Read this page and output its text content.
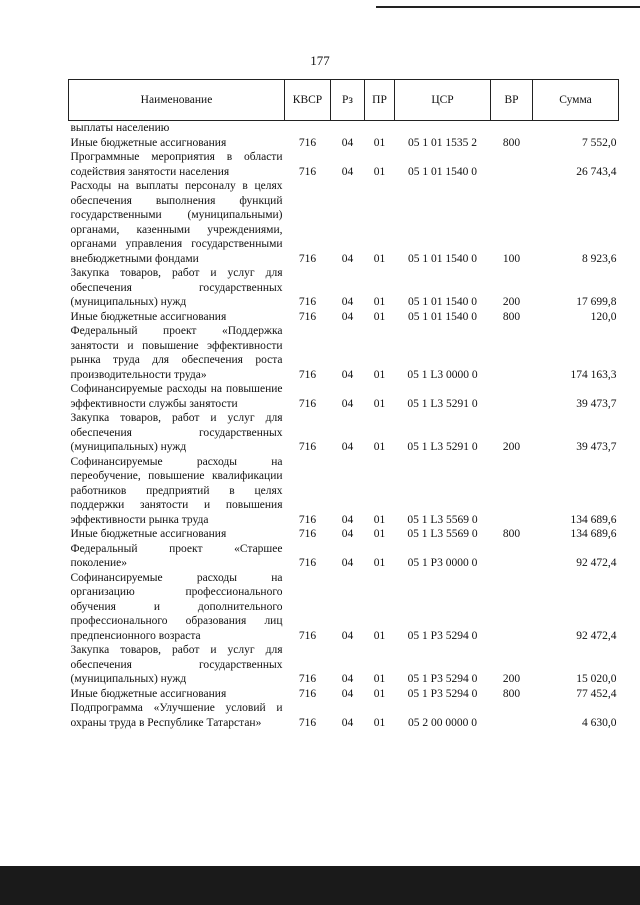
177
Наименование	КВСР	Рз	ПР	ЦСР	ВР	Сумма
выплаты населению						
Иные бюджетные ассигнования	716	04	01	05 1 01 1535 2	800	7 552,0
Программные мероприятия в области содействия занятости населения	716	04	01	05 1 01 1540 0		26 743,4
Расходы на выплаты персоналу в целях обеспечения выполнения функций государственными (муниципальными) органами, казенными учреждениями, органами управления государственными внебюджетными фондами	716	04	01	05 1 01 1540 0	100	8 923,6
Закупка товаров, работ и услуг для обеспечения государственных (муниципальных) нужд	716	04	01	05 1 01 1540 0	200	17 699,8
Иные бюджетные ассигнования	716	04	01	05 1 01 1540 0	800	120,0
Федеральный проект «Поддержка занятости и повышение эффективности рынка труда для обеспечения роста производительности труда»	716	04	01	05 1 L3 0000 0		174 163,3
Софинансируемые расходы на повышение эффективности службы занятости	716	04	01	05 1 L3 5291 0		39 473,7
Закупка товаров, работ и услуг для обеспечения государственных (муниципальных) нужд	716	04	01	05 1 L3 5291 0	200	39 473,7
Софинансируемые расходы на переобучение, повышение квалификации работников предприятий в целях поддержки занятости и повышения эффективности рынка труда	716	04	01	05 1 L3 5569 0		134 689,6
Иные бюджетные ассигнования	716	04	01	05 1 L3 5569 0	800	134 689,6
Федеральный проект «Старшее поколение»	716	04	01	05 1 P3 0000 0		92 472,4
Софинансируемые расходы на организацию профессионального обучения и дополнительного профессионального образования лиц предпенсионного возраста	716	04	01	05 1 P3 5294 0		92 472,4
Закупка товаров, работ и услуг для обеспечения государственных (муниципальных) нужд	716	04	01	05 1 P3 5294 0	200	15 020,0
Иные бюджетные ассигнования	716	04	01	05 1 P3 5294 0	800	77 452,4
Подпрограмма «Улучшение условий и охраны труда в Республике Татарстан»	716	04	01	05 2 00 0000 0		4 630,0
